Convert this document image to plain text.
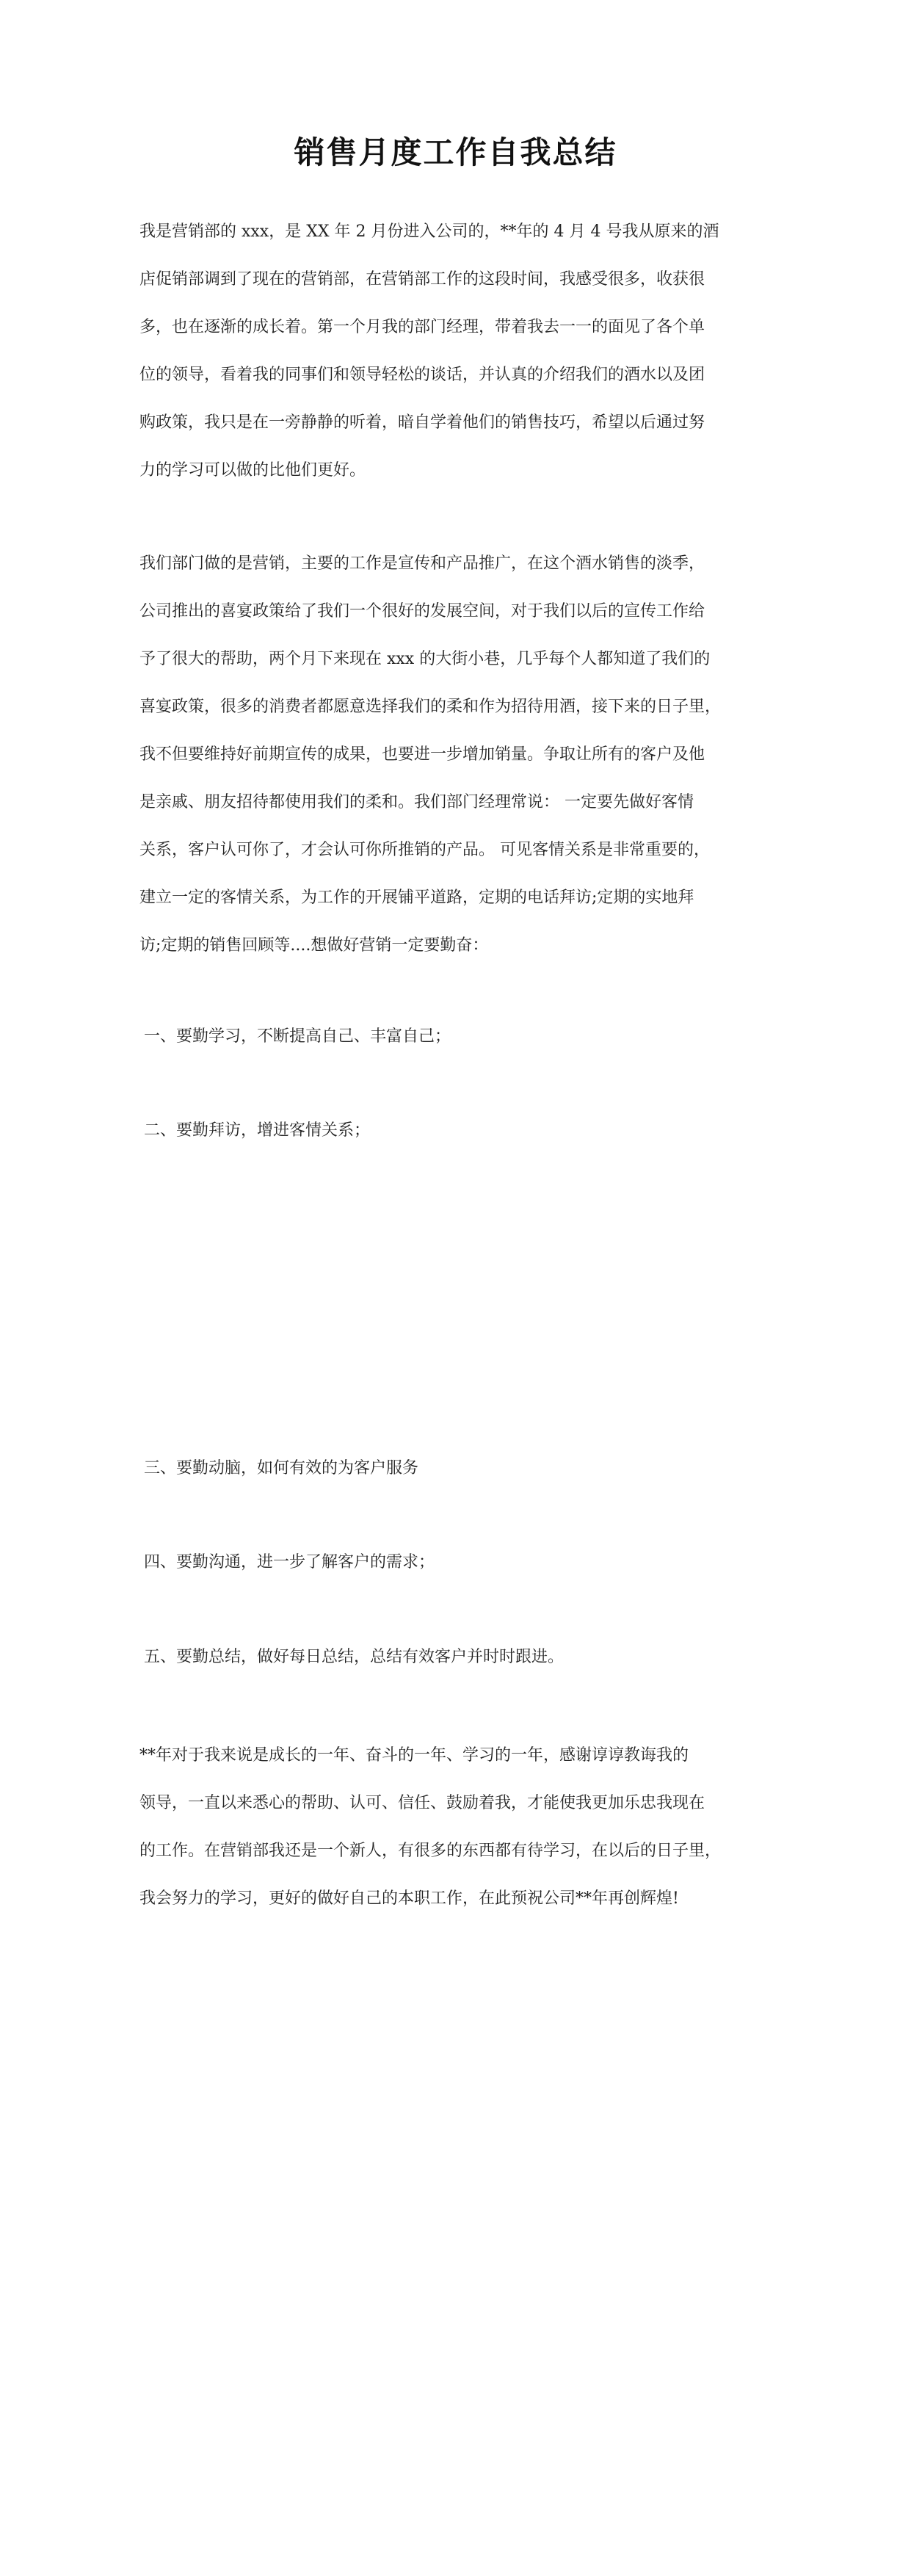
销售月度工作自我总结

我是营销部的 xxx，是 XX 年 2 月份进入公司的，**年的 4 月 4 号我从原来的酒
店促销部调到了现在的营销部，在营销部工作的这段时间，我感受很多，收获很
多，也在逐渐的成长着。第一个月我的部门经理，带着我去一一的面见了各个单
位的领导，看着我的同事们和领导轻松的谈话，并认真的介绍我们的酒水以及团
购政策，我只是在一旁静静的听着，暗自学着他们的销售技巧，希望以后通过努
力的学习可以做的比他们更好。

我们部门做的是营销，主要的工作是宣传和产品推广，在这个酒水销售的淡季，
公司推出的喜宴政策给了我们一个很好的发展空间，对于我们以后的宣传工作给
予了很大的帮助，两个月下来现在 xxx 的大街小巷，几乎每个人都知道了我们的
喜宴政策，很多的消费者都愿意选择我们的柔和作为招待用酒，接下来的日子里，
我不但要维持好前期宣传的成果，也要进一步增加销量。争取让所有的客户及他
是亲戚、朋友招待都使用我们的柔和。我们部门经理常说： 一定要先做好客情
关系，客户认可你了，才会认可你所推销的产品。 可见客情关系是非常重要的，
建立一定的客情关系，为工作的开展铺平道路，定期的电话拜访;定期的实地拜
访;定期的销售回顾等....想做好营销一定要勤奋：

一、要勤学习，不断提高自己、丰富自己；

二、要勤拜访，增进客情关系；

三、要勤动脑，如何有效的为客户服务

四、要勤沟通，进一步了解客户的需求；

五、要勤总结，做好每日总结，总结有效客户并时时跟进。

**年对于我来说是成长的一年、奋斗的一年、学习的一年，感谢谆谆教诲我的
领导，一直以来悉心的帮助、认可、信任、鼓励着我，才能使我更加乐忠我现在
的工作。在营销部我还是一个新人，有很多的东西都有待学习，在以后的日子里，
我会努力的学习，更好的做好自己的本职工作，在此预祝公司**年再创辉煌!
